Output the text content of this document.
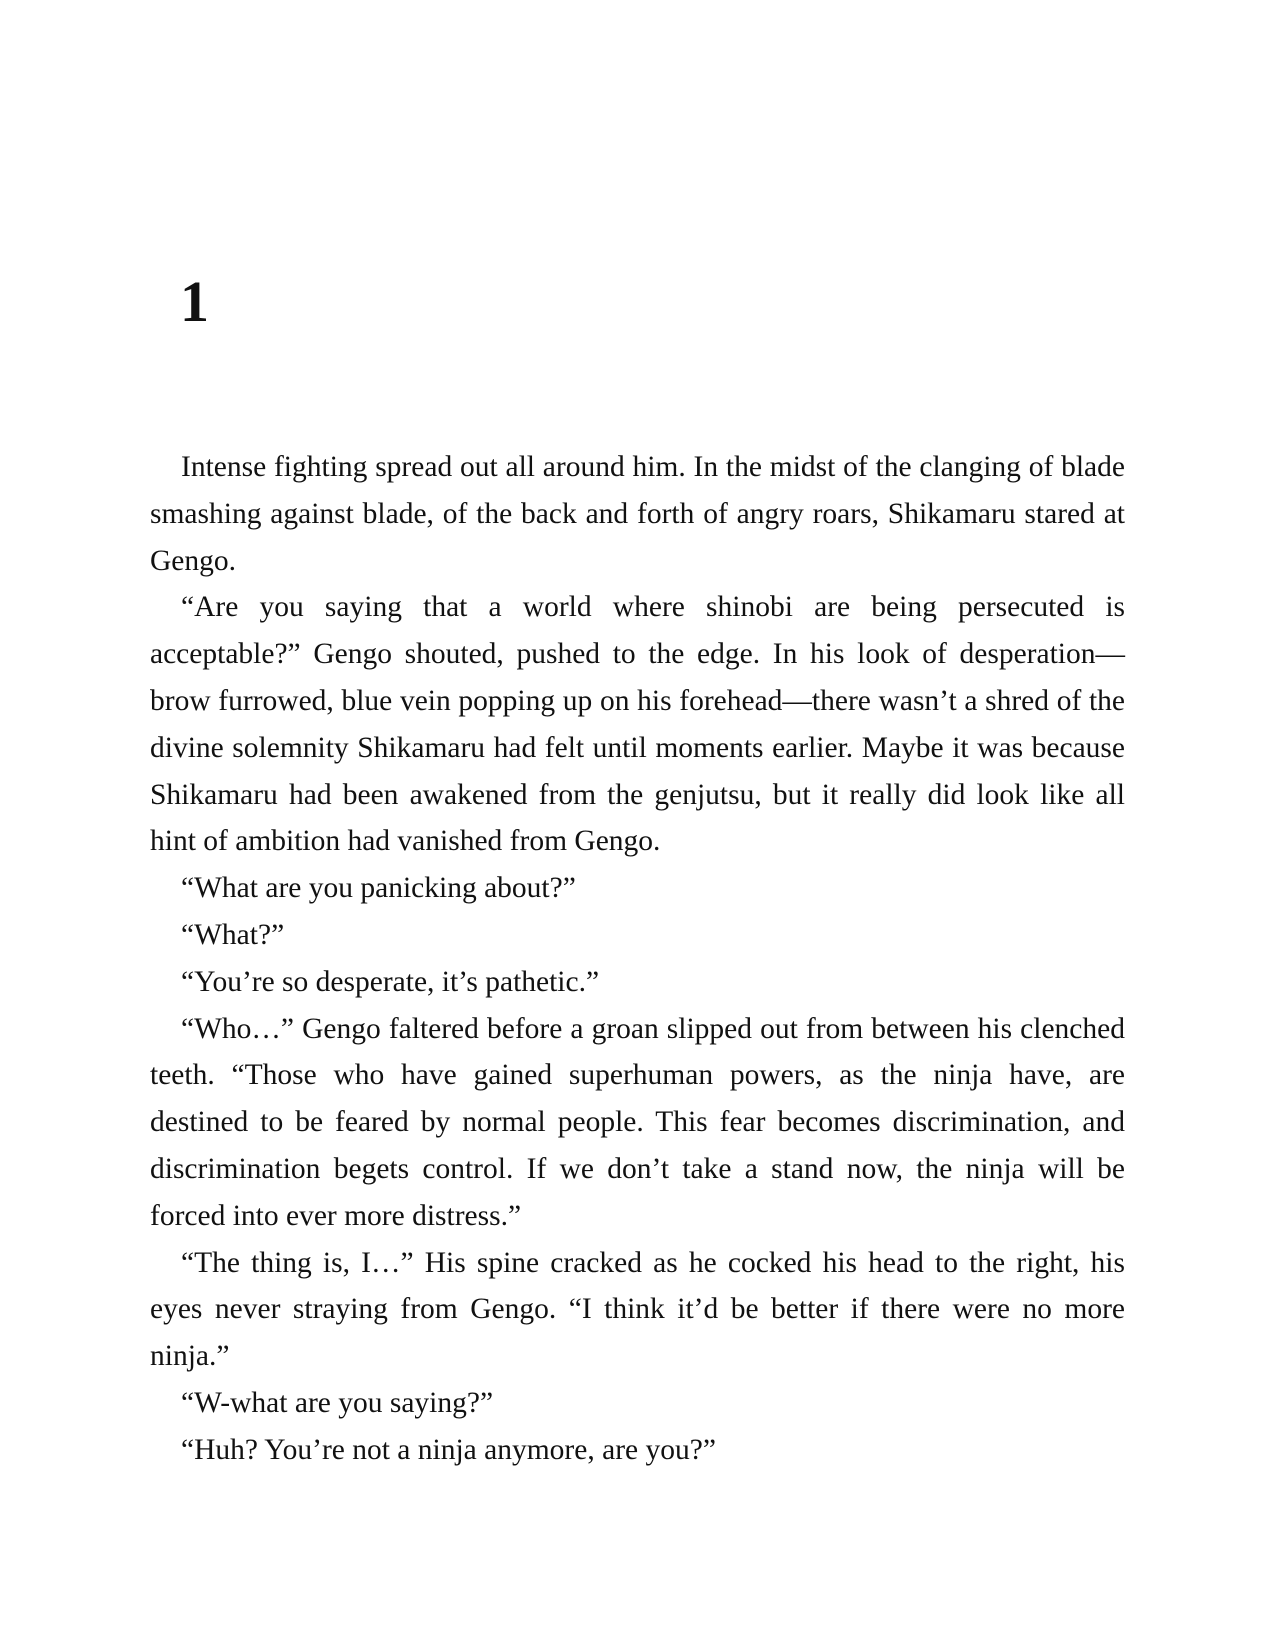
1

Intense fighting spread out all around him. In the midst of the clanging of blade smashing against blade, of the back and forth of angry roars, Shikamaru stared at Gengo.

“Are you saying that a world where shinobi are being persecuted is acceptable?” Gengo shouted, pushed to the edge. In his look of desperation—brow furrowed, blue vein popping up on his forehead—there wasn’t a shred of the divine solemnity Shikamaru had felt until moments earlier. Maybe it was because Shikamaru had been awakened from the genjutsu, but it really did look like all hint of ambition had vanished from Gengo.

“What are you panicking about?”

“What?”

“You’re so desperate, it’s pathetic.”

“Who…” Gengo faltered before a groan slipped out from between his clenched teeth. “Those who have gained superhuman powers, as the ninja have, are destined to be feared by normal people. This fear becomes discrimination, and discrimination begets control. If we don’t take a stand now, the ninja will be forced into ever more distress.”

“The thing is, I…” His spine cracked as he cocked his head to the right, his eyes never straying from Gengo. “I think it’d be better if there were no more ninja.”

“W-what are you saying?”

“Huh? You’re not a ninja anymore, are you?”
